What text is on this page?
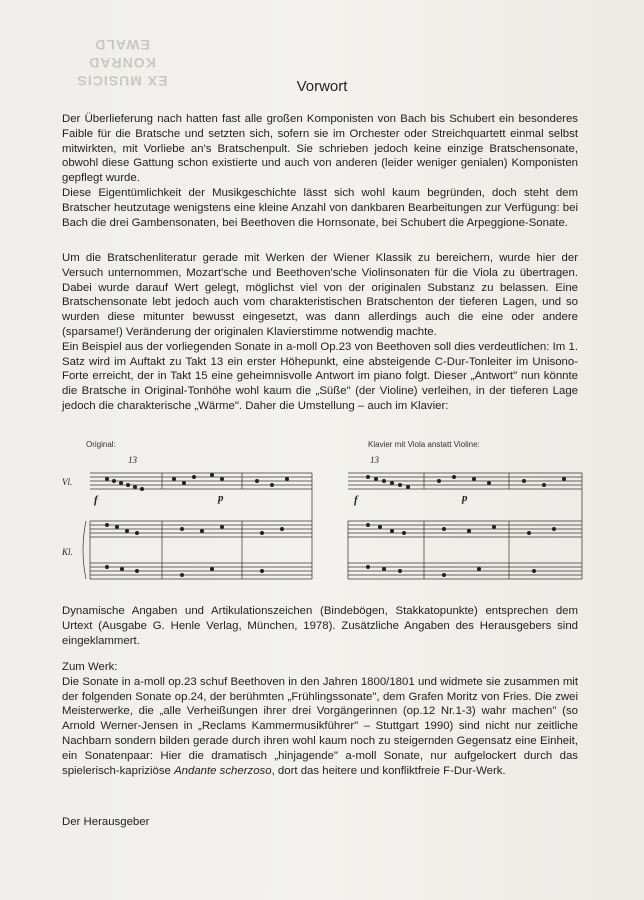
EX MUSICIS
KONRAD EWALD
Vorwort

Der Überlieferung nach hatten fast alle großen Komponisten von Bach bis Schubert ein besonderes Faible für die Bratsche und setzten sich, sofern sie im Orchester oder Streichquartett einmal selbst mitwirkten, mit Vorliebe an's Bratschenpult. Sie schrieben jedoch keine einzige Bratschensonate, obwohl diese Gattung schon existierte und auch von anderen (leider weniger genialen) Komponisten gepflegt wurde.

Diese Eigentümlichkeit der Musikgeschichte lässt sich wohl kaum begründen, doch steht dem Bratscher heutzutage wenigstens eine kleine Anzahl von dankbaren Bearbeitungen zur Verfügung: bei Bach die drei Gambensonaten, bei Beethoven die Hornsonate, bei Schubert die Arpeggione-Sonate.

Um die Bratschenliteratur gerade mit Werken der Wiener Klassik zu bereichern, wurde hier der Versuch unternommen, Mozart'sche und Beethoven'sche Violinsonaten für die Viola zu übertragen. Dabei wurde darauf Wert gelegt, möglichst viel von der originalen Substanz zu belassen. Eine Bratschensonate lebt jedoch auch vom charakteristischen Bratschenton der tieferen Lagen, und so wurden diese mitunter bewusst eingesetzt, was dann allerdings auch die eine oder andere (sparsame!) Veränderung der originalen Klavierstimme notwendig machte.

Ein Beispiel aus der vorliegenden Sonate in a-moll Op.23 von Beethoven soll dies verdeutlichen: Im 1. Satz wird im Auftakt zu Takt 13 ein erster Höhepunkt, eine absteigende C-Dur-Tonleiter im Unisono-Forte erreicht, der in Takt 15 eine geheimnisvolle Antwort im piano folgt. Dieser „Antwort" nun könnte die Bratsche in Original-Tonhöhe wohl kaum die „Süße" (der Violine) verleihen, in der tieferen Lage jedoch die charakterische „Wärme". Daher die Umstellung – auch im Klavier:

Original:
13
Vl.
Kl.
f	p
Klavier mit Viola anstatt Violine:
13
f	p

Dynamische Angaben und Artikulationszeichen (Bindebögen, Stakkatopunkte) entsprechen dem Urtext (Ausgabe G. Henle Verlag, München, 1978). Zusätzliche Angaben des Herausgebers sind eingeklammert.

Zum Werk:

Die Sonate in a-moll op.23 schuf Beethoven in den Jahren 1800/1801 und widmete sie zusammen mit der folgenden Sonate op.24, der berühmten „Frühlingssonate", dem Grafen Moritz von Fries. Die zwei Meisterwerke, die „alle Verheißungen ihrer drei Vorgängerinnen (op.12 Nr.1-3) wahr machen" (so Arnold Werner-Jensen in „Reclams Kammermusikführer" – Stuttgart 1990) sind nicht nur zeitliche Nachbarn sondern bilden gerade durch ihren wohl kaum noch zu steigernden Gegensatz eine Einheit, ein Sonatenpaar: Hier die dramatisch „hinjagende" a-moll Sonate, nur aufgelockert durch das spielerisch-kapriziöse Andante scherzoso, dort das heitere und konfliktfreie F-Dur-Werk.

Der Herausgeber
